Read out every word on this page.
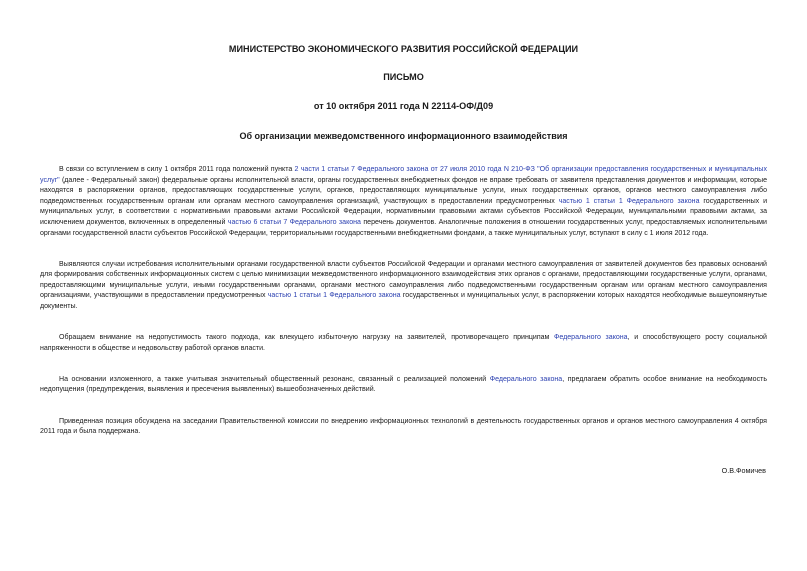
МИНИСТЕРСТВО ЭКОНОМИЧЕСКОГО РАЗВИТИЯ РОССИЙСКОЙ ФЕДЕРАЦИИ
ПИСЬМО
от 10 октября 2011 года N 22114-ОФ/Д09
Об организации межведомственного информационного взаимодействия

В связи со вступлением в силу 1 октября 2011 года положений пункта 2 части 1 статьи 7 Федерального закона от 27 июля 2010 года N 210-ФЗ "Об организации предоставления государственных и муниципальных услуг" (далее - Федеральный закон) федеральные органы исполнительной власти, органы государственных внебюджетных фондов не вправе требовать от заявителя представления документов и информации, которые находятся в распоряжении органов, предоставляющих государственные услуги, органов, предоставляющих муниципальные услуги, иных государственных органов, органов местного самоуправления либо подведомственных государственным органам или органам местного самоуправления организаций, участвующих в предоставлении предусмотренных частью 1 статьи 1 Федерального закона государственных и муниципальных услуг, в соответствии с нормативными правовыми актами Российской Федерации, нормативными правовыми актами субъектов Российской Федерации, муниципальными правовыми актами, за исключением документов, включенных в определенный частью 6 статьи 7 Федерального закона перечень документов. Аналогичные положения в отношении государственных услуг, предоставляемых исполнительными органами государственной власти субъектов Российской Федерации, территориальными государственными внебюджетными фондами, а также муниципальных услуг, вступают в силу с 1 июля 2012 года.

Выявляются случаи истребования исполнительными органами государственной власти субъектов Российской Федерации и органами местного самоуправления от заявителей документов без правовых оснований для формирования собственных информационных систем с целью минимизации межведомственного информационного взаимодействия этих органов с органами, предоставляющими государственные услуги, органами, предоставляющими муниципальные услуги, иными государственными органами, органами местного самоуправления либо подведомственными государственным органам или органам местного самоуправления организациями, участвующими в предоставлении предусмотренных частью 1 статьи 1 Федерального закона государственных и муниципальных услуг, в распоряжении которых находятся необходимые вышеупомянутые документы.

Обращаем внимание на недопустимость такого подхода, как влекущего избыточную нагрузку на заявителей, противоречащего принципам Федерального закона, и способствующего росту социальной напряженности в обществе и недовольству работой органов власти.

На основании изложенного, а также учитывая значительный общественный резонанс, связанный с реализацией положений Федерального закона, предлагаем обратить особое внимание на необходимость недопущения (предупреждения, выявления и пресечения выявленных) вышеобозначенных действий.

Приведенная позиция обсуждена на заседании Правительственной комиссии по внедрению информационных технологий в деятельность государственных органов и органов местного самоуправления 4 октября 2011 года и была поддержана.

О.В.Фомичев
